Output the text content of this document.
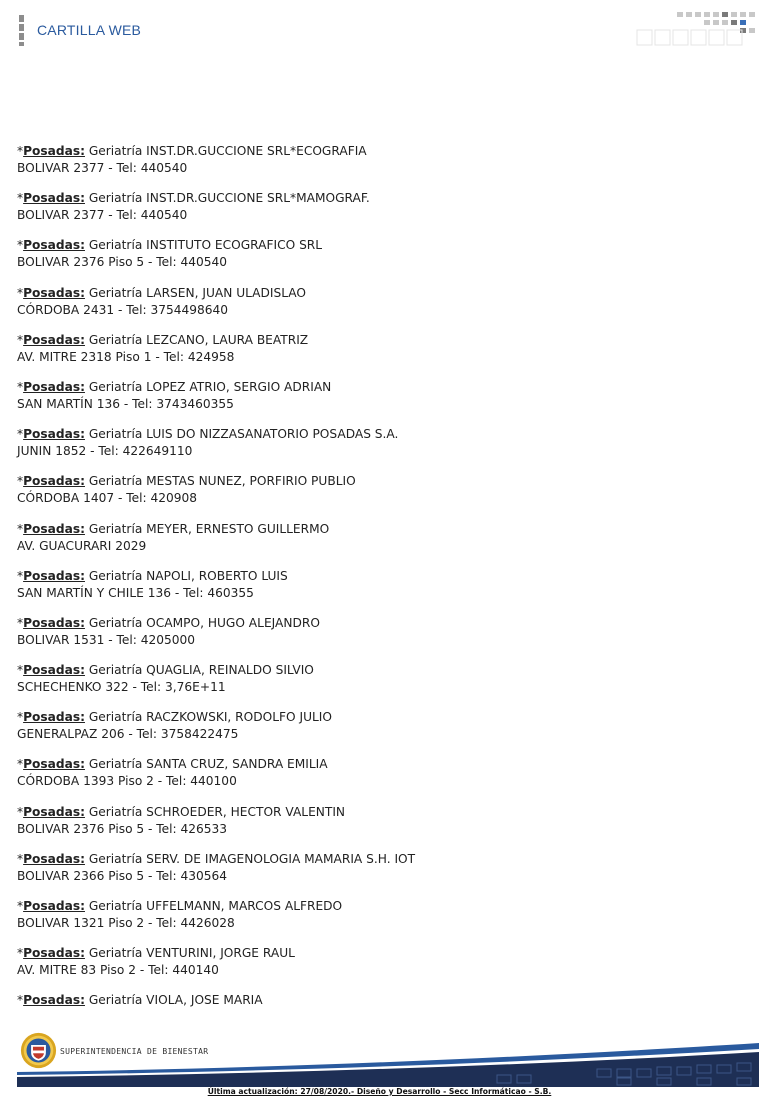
CARTILLA WEB
*Posadas: Geriatría INST.DR.GUCCIONE SRL*ECOGRAFIA
BOLIVAR 2377 - Tel: 440540
*Posadas: Geriatría INST.DR.GUCCIONE SRL*MAMOGRAF.
BOLIVAR 2377 - Tel: 440540
*Posadas: Geriatría INSTITUTO ECOGRAFICO SRL
BOLIVAR 2376 Piso 5 - Tel: 440540
*Posadas: Geriatría LARSEN, JUAN ULADISLAO
CÓRDOBA 2431 - Tel: 3754498640
*Posadas: Geriatría LEZCANO, LAURA BEATRIZ
AV. MITRE 2318 Piso 1 - Tel: 424958
*Posadas: Geriatría LOPEZ ATRIO, SERGIO ADRIAN
SAN MARTÍN 136 - Tel: 3743460355
*Posadas: Geriatría LUIS DO NIZZASANATORIO POSADAS S.A.
JUNIN 1852 - Tel: 422649110
*Posadas: Geriatría MESTAS NUNEZ, PORFIRIO PUBLIO
CÓRDOBA 1407 - Tel: 420908
*Posadas: Geriatría MEYER, ERNESTO GUILLERMO
AV. GUACURARI 2029
*Posadas: Geriatría NAPOLI, ROBERTO LUIS
SAN MARTÍN Y CHILE 136 - Tel: 460355
*Posadas: Geriatría OCAMPO, HUGO ALEJANDRO
BOLIVAR 1531 - Tel: 4205000
*Posadas: Geriatría QUAGLIA, REINALDO SILVIO
SCHECHENKO 322 - Tel: 3,76E+11
*Posadas: Geriatría RACZKOWSKI, RODOLFO JULIO
GENERALPAZ 206 - Tel: 3758422475
*Posadas: Geriatría SANTA CRUZ, SANDRA EMILIA
CÓRDOBA 1393 Piso 2 - Tel: 440100
*Posadas: Geriatría SCHROEDER, HECTOR VALENTIN
BOLIVAR 2376 Piso 5 - Tel: 426533
*Posadas: Geriatría SERV. DE IMAGENOLOGIA MAMARIA S.H. IOT
BOLIVAR 2366 Piso 5 - Tel: 430564
*Posadas: Geriatría UFFELMANN, MARCOS ALFREDO
BOLIVAR 1321 Piso 2 - Tel: 4426028
*Posadas: Geriatría VENTURINI, JORGE RAUL
AV. MITRE 83 Piso 2 - Tel: 440140
*Posadas: Geriatría VIOLA, JOSE MARIA
SUPERINTENDENCIA DE BIENESTAR
Última actualización: 27/08/2020.- Diseño y Desarrollo - Secc Informáticao - S.B.
